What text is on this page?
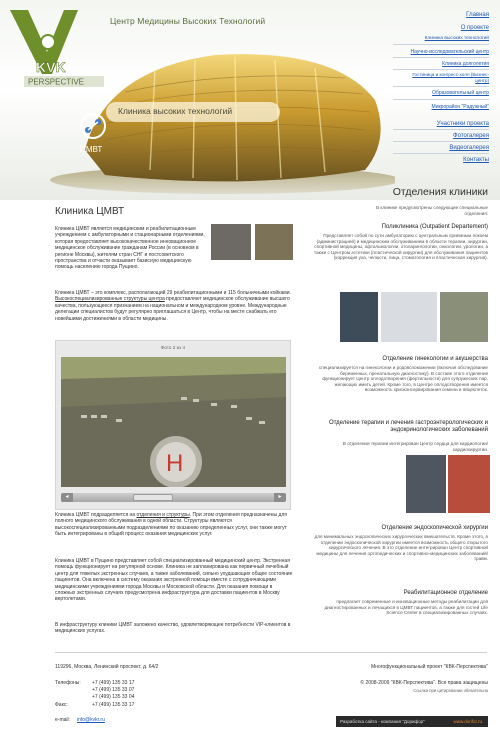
KVK
PERSPECTIVE
Центр Медицины Высоких Технологий
Клиника высоких технологий
ЦМВТ
Главная
О проекте
Клиника высоких технологий
Научно-исследовательский центр
Клиника долголетия
Гостиница и конгресс-холл (Бизнес-центр)
Образовательный центр
Микрорайон "Радужный"
Участники проекта
Фотогалерея
Видеогалерея
Контакты
Клиника ЦМВТ
Клиника ЦМВТ является медицинским и реабилитационным учреждением с амбулаторными и стационарными отделениями, которая предоставляет высококачественное инновационное медицинское обслуживание гражданам России (в основном в регионе Москвы), жителям стран СНГ и постсоветского пространства и отчасти оказывает базисную медицинскую помощь населению города Пущино.
Клиника ЦМВТ – это комплекс, располагающий 29 реабилитационными и 115 больничными койками. Высокоспециализированные структуры центра предоставляют медицинское обслуживание высшего качества, пользующееся признанием на национальном и международном уровне. Международные делегации специалистов будут регулярно приглашаться в Центр, чтобы на месте снабжать его новейшими достижениями в области медицины.
Фото 2 из 4
H
◂	▸
Клиника ЦМВТ подразделяется на отделения и структуры. При этом отделения предназначены для полного медицинского обслуживания в одной области. Структуры являются высокоспециализированными подразделениями по оказанию определенных услуг, они также могут быть интегрированы в общий процесс оказания медицинских услуг.
Клиника ЦМВТ в Пущино представляет собой специализированный медицинский центр. Экстренная помощь функционирует на регулярной основе. Клиника не запланирована как первичный лечебный центр для тяжелых экстренных случаев, а также заболеваний, сильно ухудшающих общее состояние пациентов. Она включена в систему оказания экстренной помощи вместе с сотрудничающими медицинскими учреждениями города Москвы и Московской области. Для оказания помощи в сложных экстренных случаях предусмотрена инфраструктура для доставки пациентов в Москву вертолетами.
В инфраструктуру клиники ЦМВТ заложено качество, удовлетворяющее потребности VIP-клиентов в медицинских услугах.
Отделения клиники
В клинике предусмотрены следующие специальные отделения:
Поликлиника (Outpatient Departement)
Представляет собой по сути амбулаторию с центральным приемным покоем (администрацией) и медицинским обслуживанием в области терапии, хирургии, спортивной медицины, офтальмологии, отоларингологии, онкологии, урологии, а также с Центром эстетики (пластической хирургии) для обслуживания пациентов (коррекция уха, челюсти, лица, стоматология и пластическая хирургия).
Отделение гинекологии и акушерства
специализируется на гинекологии и родовспоможении (включая обследование беременных, пренатальную диагностику). В составе этого отделения функционирует Центр оплодотворения (фертильности) для супружеских пар, желающих иметь детей. Кроме того, в Центре оплодотворения имеется возможность криоконсервирования семени и яйцеклеток.
Отделение терапии и лечения гастроэнтерологических и эндокринологических заболеваний
В отделении терапии интегрирован Центр сердца для кардиологии/кардиохирургии.
Отделение эндоскопической хирургии
для минимальных эндоскопических хирургических вмешательств. Кроме этого, в отделении эндоскопической хирургии имеется возможность общего открытого хирургического лечения. В это отделение интегрирован Центр спортивной медицины для лечения ортопедических и спортивно-медицинских заболеваний/травм.
Реабилитационное отделение
предлагает современные и инновационные методы реабилитации для диагностированных и лечащихся в ЦМВТ пациентов, а также для гостей Life Science Center в специализированных случаях.
119296, Москва, Ленинский проспект, д. 64/2
Телефоны: +7 (499) 135 33 17
+7 (499) 135 33 07
+7 (499) 135 33 04
Факс:	+7 (499) 135 33 17
e-mail: info@kvkr.ru
Многофункциональный проект "КВК-Перспектива"
© 2008-2009 "КВК-Перспектива". Все права защищены
Ссылка при цитировании обязательна
Разработка сайта - компания "Дорифор"	www.dorifor.ru
